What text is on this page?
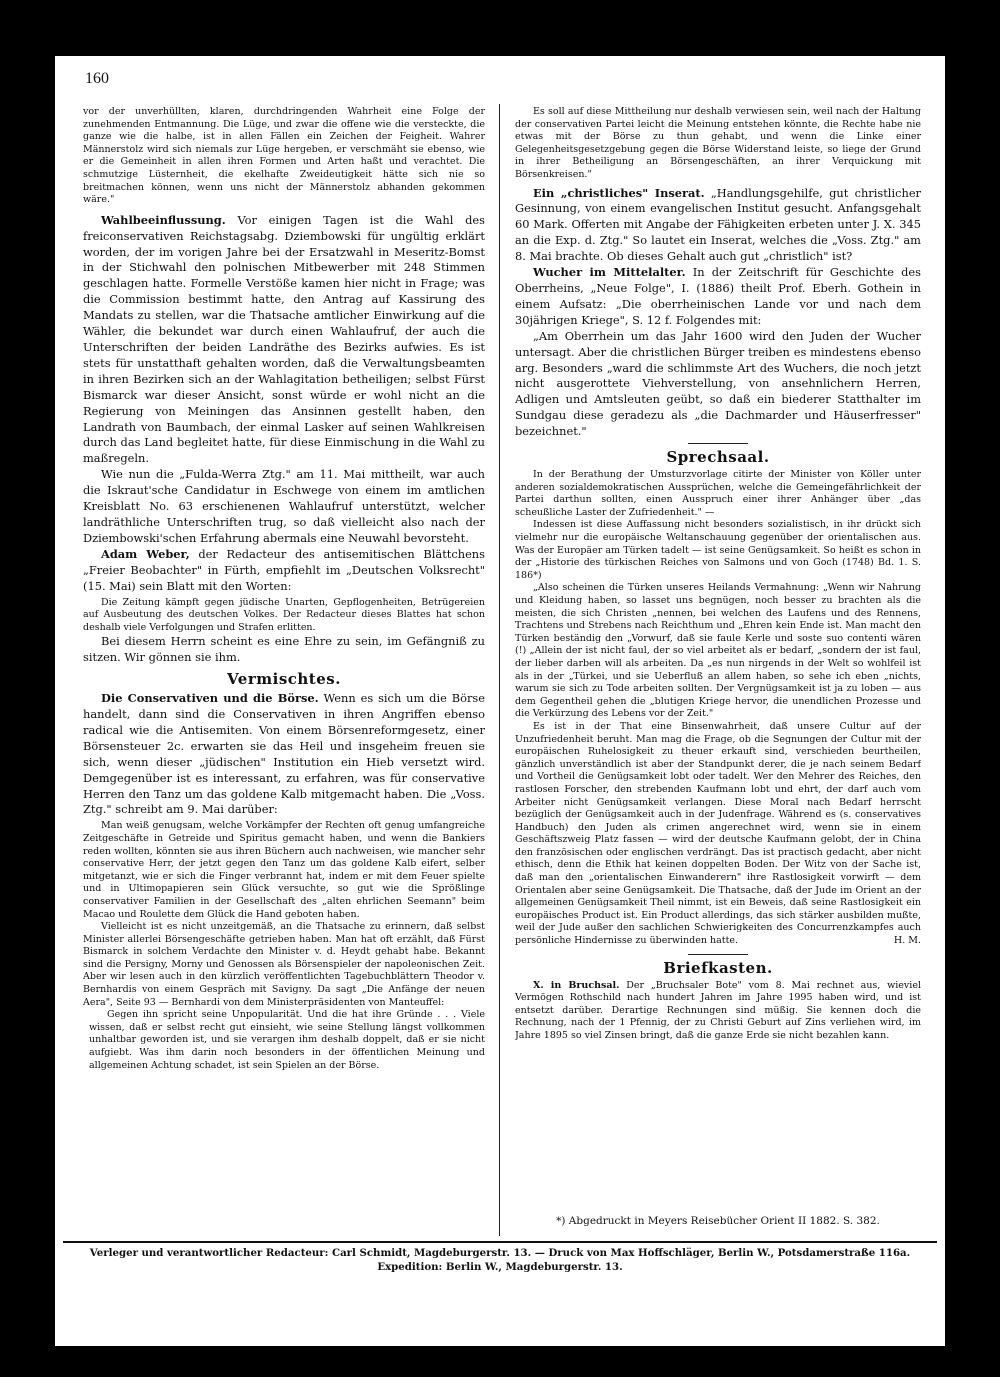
160

vor der unverhüllten, klaren, durchdringenden Wahrheit eine Folge der zunehmenden Entmannung. Die Lüge, und zwar die offene wie die versteckte, die ganze wie die halbe, ist in allen Fällen ein Zeichen der Feigheit. Wahrer Männerstolz wird sich niemals zur Lüge hergeben, er verschmäht sie ebenso, wie er die Gemeinheit in allen ihren Formen und Arten haßt und verachtet. Die schmutzige Lüsternheit, die ekelhafte Zweideutigkeit hätte sich nie so breitmachen können, wenn uns nicht der Männerstolz abhanden gekommen wäre."

Wahlbeeinflussung. Vor einigen Tagen ist die Wahl des freiconservativen Reichstagsabg. Dziembowski für ungültig erklärt worden, der im vorigen Jahre bei der Ersatzwahl in Meseritz-Bomst in der Stichwahl den polnischen Mitbewerber mit 248 Stimmen geschlagen hatte. Formelle Verstöße kamen hier nicht in Frage; was die Commission bestimmt hatte, den Antrag auf Kassirung des Mandats zu stellen, war die Thatsache amtlicher Einwirkung auf die Wähler, die bekundet war durch einen Wahlaufruf, der auch die Unterschriften der beiden Landräthe des Bezirks aufwies. Es ist stets für unstatthaft gehalten worden, daß die Verwaltungsbeamten in ihren Bezirken sich an der Wahlagitation betheiligen; selbst Fürst Bismarck war dieser Ansicht, sonst würde er wohl nicht an die Regierung von Meiningen das Ansinnen gestellt haben, den Landrath von Baumbach, der einmal Lasker auf seinen Wahlkreisen durch das Land begleitet hatte, für diese Einmischung in die Wahl zu maßregeln.

Wie nun die „Fulda-Werra Ztg." am 11. Mai mittheilt, war auch die Iskraut'sche Candidatur in Eschwege von einem im amtlichen Kreisblatt No. 63 erschienenen Wahlaufruf unterstützt, welcher landräthliche Unterschriften trug, so daß vielleicht also nach der Dziembowski'schen Erfahrung abermals eine Neuwahl bevorsteht.

Adam Weber, der Redacteur des antisemitischen Blättchens „Freier Beobachter" in Fürth, empfiehlt im „Deutschen Volksrecht" (15. Mai) sein Blatt mit den Worten:

Die Zeitung kämpft gegen jüdische Unarten, Gepflogenheiten, Betrügereien auf Ausbeutung des deutschen Volkes. Der Redacteur dieses Blattes hat schon deshalb viele Verfolgungen und Strafen erlitten.

Bei diesem Herrn scheint es eine Ehre zu sein, im Gefängniß zu sitzen. Wir gönnen sie ihm.

Vermischtes.

Die Conservativen und die Börse. Wenn es sich um die Börse handelt, dann sind die Conservativen in ihren Angriffen ebenso radical wie die Antisemiten. Von einem Börsenreformgesetz, einer Börsensteuer 2c. erwarten sie das Heil und insgeheim freuen sie sich, wenn dieser „jüdischen" Institution ein Hieb versetzt wird. Demgegenüber ist es interessant, zu erfahren, was für conservative Herren den Tanz um das goldene Kalb mitgemacht haben. Die „Voss. Ztg." schreibt am 9. Mai darüber:

Man weiß genugsam, welche Vorkämpfer der Rechten oft genug umfangreiche Zeitgeschäfte in Getreide und Spiritus gemacht haben, und wenn die Bankiers reden wollten, könnten sie aus ihren Büchern auch nachweisen, wie mancher sehr conservative Herr, der jetzt gegen den Tanz um das goldene Kalb eifert, selber mitgetanzt, wie er sich die Finger verbrannt hat, indem er mit dem Feuer spielte und in Ultimopapieren sein Glück versuchte, so gut wie die Sprößlinge conservativer Familien in der Gesellschaft des „alten ehrlichen Seemann" beim Macao und Roulette dem Glück die Hand geboten haben.

Vielleicht ist es nicht unzeitgemäß, an die Thatsache zu erinnern, daß selbst Minister allerlei Börsengeschäfte getrieben haben. Man hat oft erzählt, daß Fürst Bismarck in solchem Verdachte den Minister v. d. Heydt gehabt habe. Bekannt sind die Persigny, Morny und Genossen als Börsenspieler der napoleonischen Zeit. Aber wir lesen auch in den kürzlich veröffentlichten Tagebuchblättern Theodor v. Bernhardis von einem Gespräch mit Savigny. Da sagt „Die Anfänge der neuen Aera", Seite 93 — Bernhardi von dem Ministerpräsidenten von Manteuffel:

Gegen ihn spricht seine Unpopularität. Und die hat ihre Gründe . . . Viele wissen, daß er selbst recht gut einsieht, wie seine Stellung längst vollkommen unhaltbar geworden ist, und sie verargen ihm deshalb doppelt, daß er sie nicht aufgiebt. Was ihm darin noch besonders in der öffentlichen Meinung und allgemeinen Achtung schadet, ist sein Spielen an der Börse.

Es soll auf diese Mittheilung nur deshalb verwiesen sein, weil nach der Haltung der conservativen Partei leicht die Meinung entstehen könnte, die Rechte habe nie etwas mit der Börse zu thun gehabt, und wenn die Linke einer Gelegenheitsgesetzgebung gegen die Börse Widerstand leiste, so liege der Grund in ihrer Betheiligung an Börsengeschäften, an ihrer Verquickung mit Börsenkreisen."

Ein „christliches" Inserat. „Handlungsgehilfe, gut christlicher Gesinnung, von einem evangelischen Institut gesucht. Anfangsgehalt 60 Mark. Offerten mit Angabe der Fähigkeiten erbeten unter J. X. 345 an die Exp. d. Ztg." So lautet ein Inserat, welches die „Voss. Ztg." am 8. Mai brachte. Ob dieses Gehalt auch gut „christlich" ist?

Wucher im Mittelalter. In der Zeitschrift für Geschichte des Oberrheins, „Neue Folge", I. (1886) theilt Prof. Eberh. Gothein in einem Aufsatz: „Die oberrheinischen Lande vor und nach dem 30jährigen Kriege", S. 12 f. Folgendes mit:

„Am Oberrhein um das Jahr 1600 wird den Juden der Wucher untersagt. Aber die christlichen Bürger treiben es mindestens ebenso arg. Besonders „ward die schlimmste Art des Wuchers, die noch jetzt nicht ausgerottete Viehverstellung, von ansehnlichern Herren, Adligen und Amtsleuten geübt, so daß ein biederer Statthalter im Sundgau diese geradezu als „die Dachmarder und Häuserfresser" bezeichnet."

Sprechsaal.

In der Berathung der Umsturzvorlage citirte der Minister von Köller unter anderen sozialdemokratischen Aussprüchen, welche die Gemeingefährlichkeit der Partei darthun sollten, einen Ausspruch einer ihrer Anhänger über „das scheußliche Laster der Zufriedenheit." —

Indessen ist diese Auffassung nicht besonders sozialistisch, in ihr drückt sich vielmehr nur die europäische Weltanschauung gegenüber der orientalischen aus. Was der Europäer am Türken tadelt — ist seine Genügsamkeit. So heißt es schon in der „Historie des türkischen Reiches von Salmons und von Goch (1748) Bd. 1. S. 186*)

„Also scheinen die Türken unseres Heilands Vermahnung: „Wenn wir Nahrung und Kleidung haben, so lasset uns begnügen, noch besser zu brachten als die meisten, die sich Christen „nennen, bei welchen des Laufens und des Rennens, Trachtens und Strebens nach Reichthum und „Ehren kein Ende ist. Man macht den Türken beständig den „Vorwurf, daß sie faule Kerle und soste suo contenti wären (!) „Allein der ist nicht faul, der so viel arbeitet als er bedarf, „sondern der ist faul, der lieber darben will als arbeiten. Da „es nun nirgends in der Welt so wohlfeil ist als in der „Türkei, und sie Ueberfluß an allem haben, so sehe ich eben „nichts, warum sie sich zu Tode arbeiten sollten. Der Vergnügsamkeit ist ja zu loben — aus dem Gegentheil gehen die „blutigen Kriege hervor, die unendlichen Prozesse und die Verkürzung des Lebens vor der Zeit."

Es ist in der That eine Binsenwahrheit, daß unsere Cultur auf der Unzufriedenheit beruht. Man mag die Frage, ob die Segnungen der Cultur mit der europäischen Ruhelosigkeit zu theuer erkauft sind, verschieden beurtheilen, gänzlich unverständlich ist aber der Standpunkt derer, die je nach seinem Bedarf und Vortheil die Genügsamkeit lobt oder tadelt. Wer den Mehrer des Reiches, den rastlosen Forscher, den strebenden Kaufmann lobt und ehrt, der darf auch vom Arbeiter nicht Genügsamkeit verlangen. Diese Moral nach Bedarf herrscht bezüglich der Genügsamkeit auch in der Judenfrage. Während es (s. conservatives Handbuch) den Juden als crimen angerechnet wird, wenn sie in einem Geschäftszweig Platz fassen — wird der deutsche Kaufmann gelobt, der in China den französischen oder englischen verdrängt. Das ist practisch gedacht, aber nicht ethisch, denn die Ethik hat keinen doppelten Boden. Der Witz von der Sache ist, daß man den „orientalischen Einwanderern" ihre Rastlosigkeit vorwirft — dem Orientalen aber seine Genügsamkeit. Die Thatsache, daß der Jude im Orient an der allgemeinen Genügsamkeit Theil nimmt, ist ein Beweis, daß seine Rastlosigkeit ein europäisches Product ist. Ein Product allerdings, das sich stärker ausbilden mußte, weil der Jude außer den sachlichen Schwierigkeiten des Concurrenzkampfes auch persönliche Hindernisse zu überwinden hatte.	H. M.

Briefkasten.

X. in Bruchsal. Der „Bruchsaler Bote" vom 8. Mai rechnet aus, wieviel Vermögen Rothschild nach hundert Jahren im Jahre 1995 haben wird, und ist entsetzt darüber. Derartige Rechnungen sind müßig. Sie kennen doch die Rechnung, nach der 1 Pfennig, der zu Christi Geburt auf Zins verliehen wird, im Jahre 1895 so viel Zinsen bringt, daß die ganze Erde sie nicht bezahlen kann.

*) Abgedruckt in Meyers Reisebücher Orient II 1882. S. 382.
Verleger und verantwortlicher Redacteur: Carl Schmidt, Magdeburgerstr. 13. — Druck von Max Hoffschläger, Berlin W., Potsdamerstraße 116a.
Expedition: Berlin W., Magdeburgerstr. 13.
